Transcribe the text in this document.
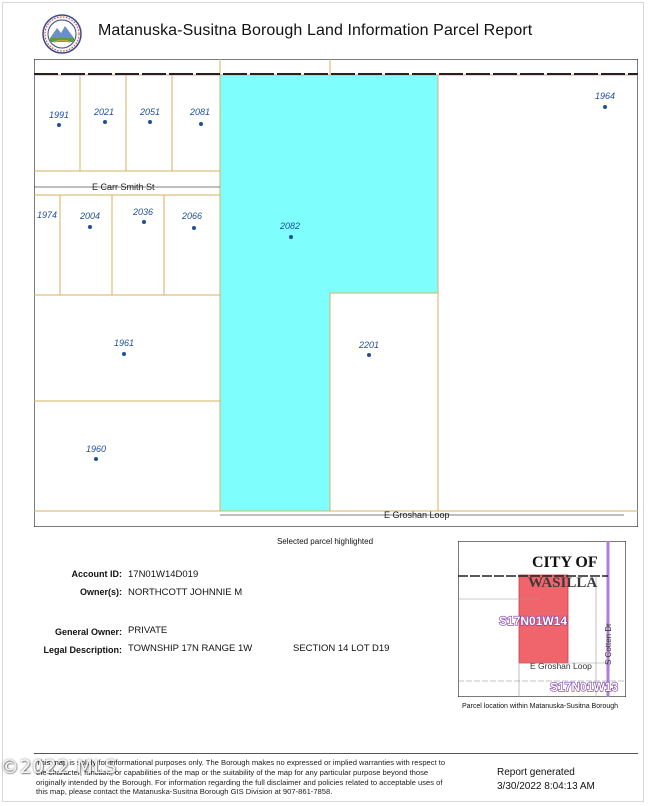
Matanuska-Susitna Borough Land Information Parcel Report
E Carr Smith St
E Groshan Loop
1991	2021	2051	2081
1964
1974	2004	2036	2066
2082
1961	2201
1960
Selected parcel highlighted
Account ID: 17N01W14D019
Owner(s): NORTHCOTT JOHNNIE M
General Owner: PRIVATE
Legal Description: TOWNSHIP 17N RANGE 1W	SECTION 14 LOT D19
CITY OF
WASILLA
S17N01W14
S17N01W13
S Cotten Dr
E Groshan Loop
Parcel location within Matanuska-Susitna Borough
This map is solely for informational purposes only. The Borough makes no expressed or implied warranties with respect to
the character, function, or capabilities of the map or the suitability of the map for any particular purpose beyond those
originally intended by the Borough. For information regarding the full disclaimer and policies related to acceptable uses of
this map, please contact the Matanuska-Susitna Borough GIS Division at 907-861-7858.
Report generated
3/30/2022 8:04:13 AM
©2022 MLS
